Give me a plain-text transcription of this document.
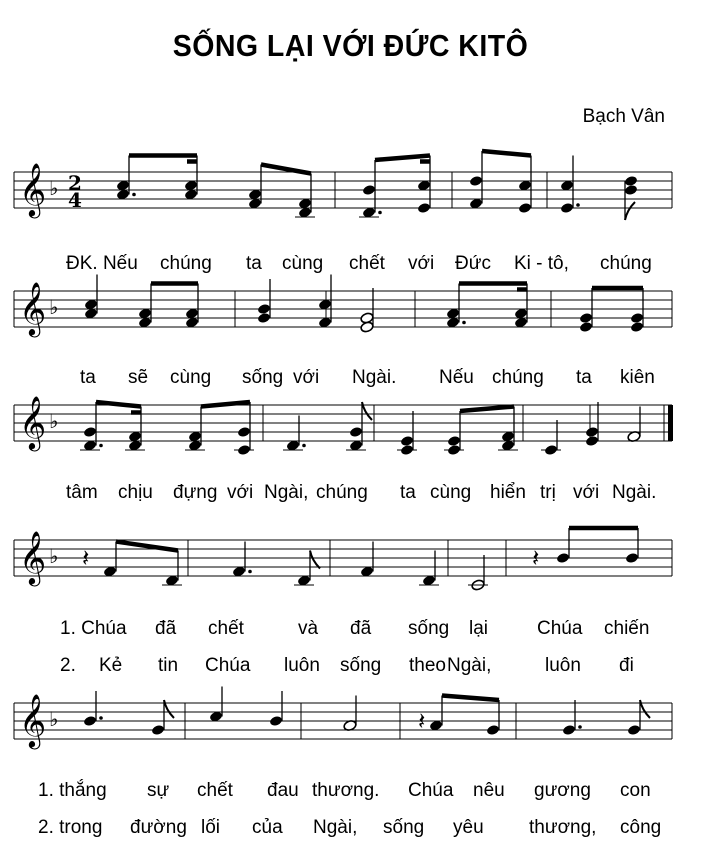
SỐNG LẠI VỚI ĐỨC KITÔ
Bạch Vân
𝄞 ♭
𝄞 ♭
𝄞 ♭
𝄞 ♭
𝄞 ♭
2
4
𝄽	𝄽
𝄽
ĐK. Nếu chúng ta cùng chết với Đức Ki - tô, chúng
ta sẽ cùng sống với Ngài. Nếu chúng ta kiên
tâm chịu đựng với Ngài, chúng ta cùng hiển trị với Ngài.
1. Chúa đã chết	và đã sống lại	Chúa chiến
2. Kẻ tin Chúa luôn sống theo Ngài,	luôn đi
1. thắng sự chết đau thương. Chúa nêu gương con
2. trong đường lối của Ngài, sống yêu thương, công
